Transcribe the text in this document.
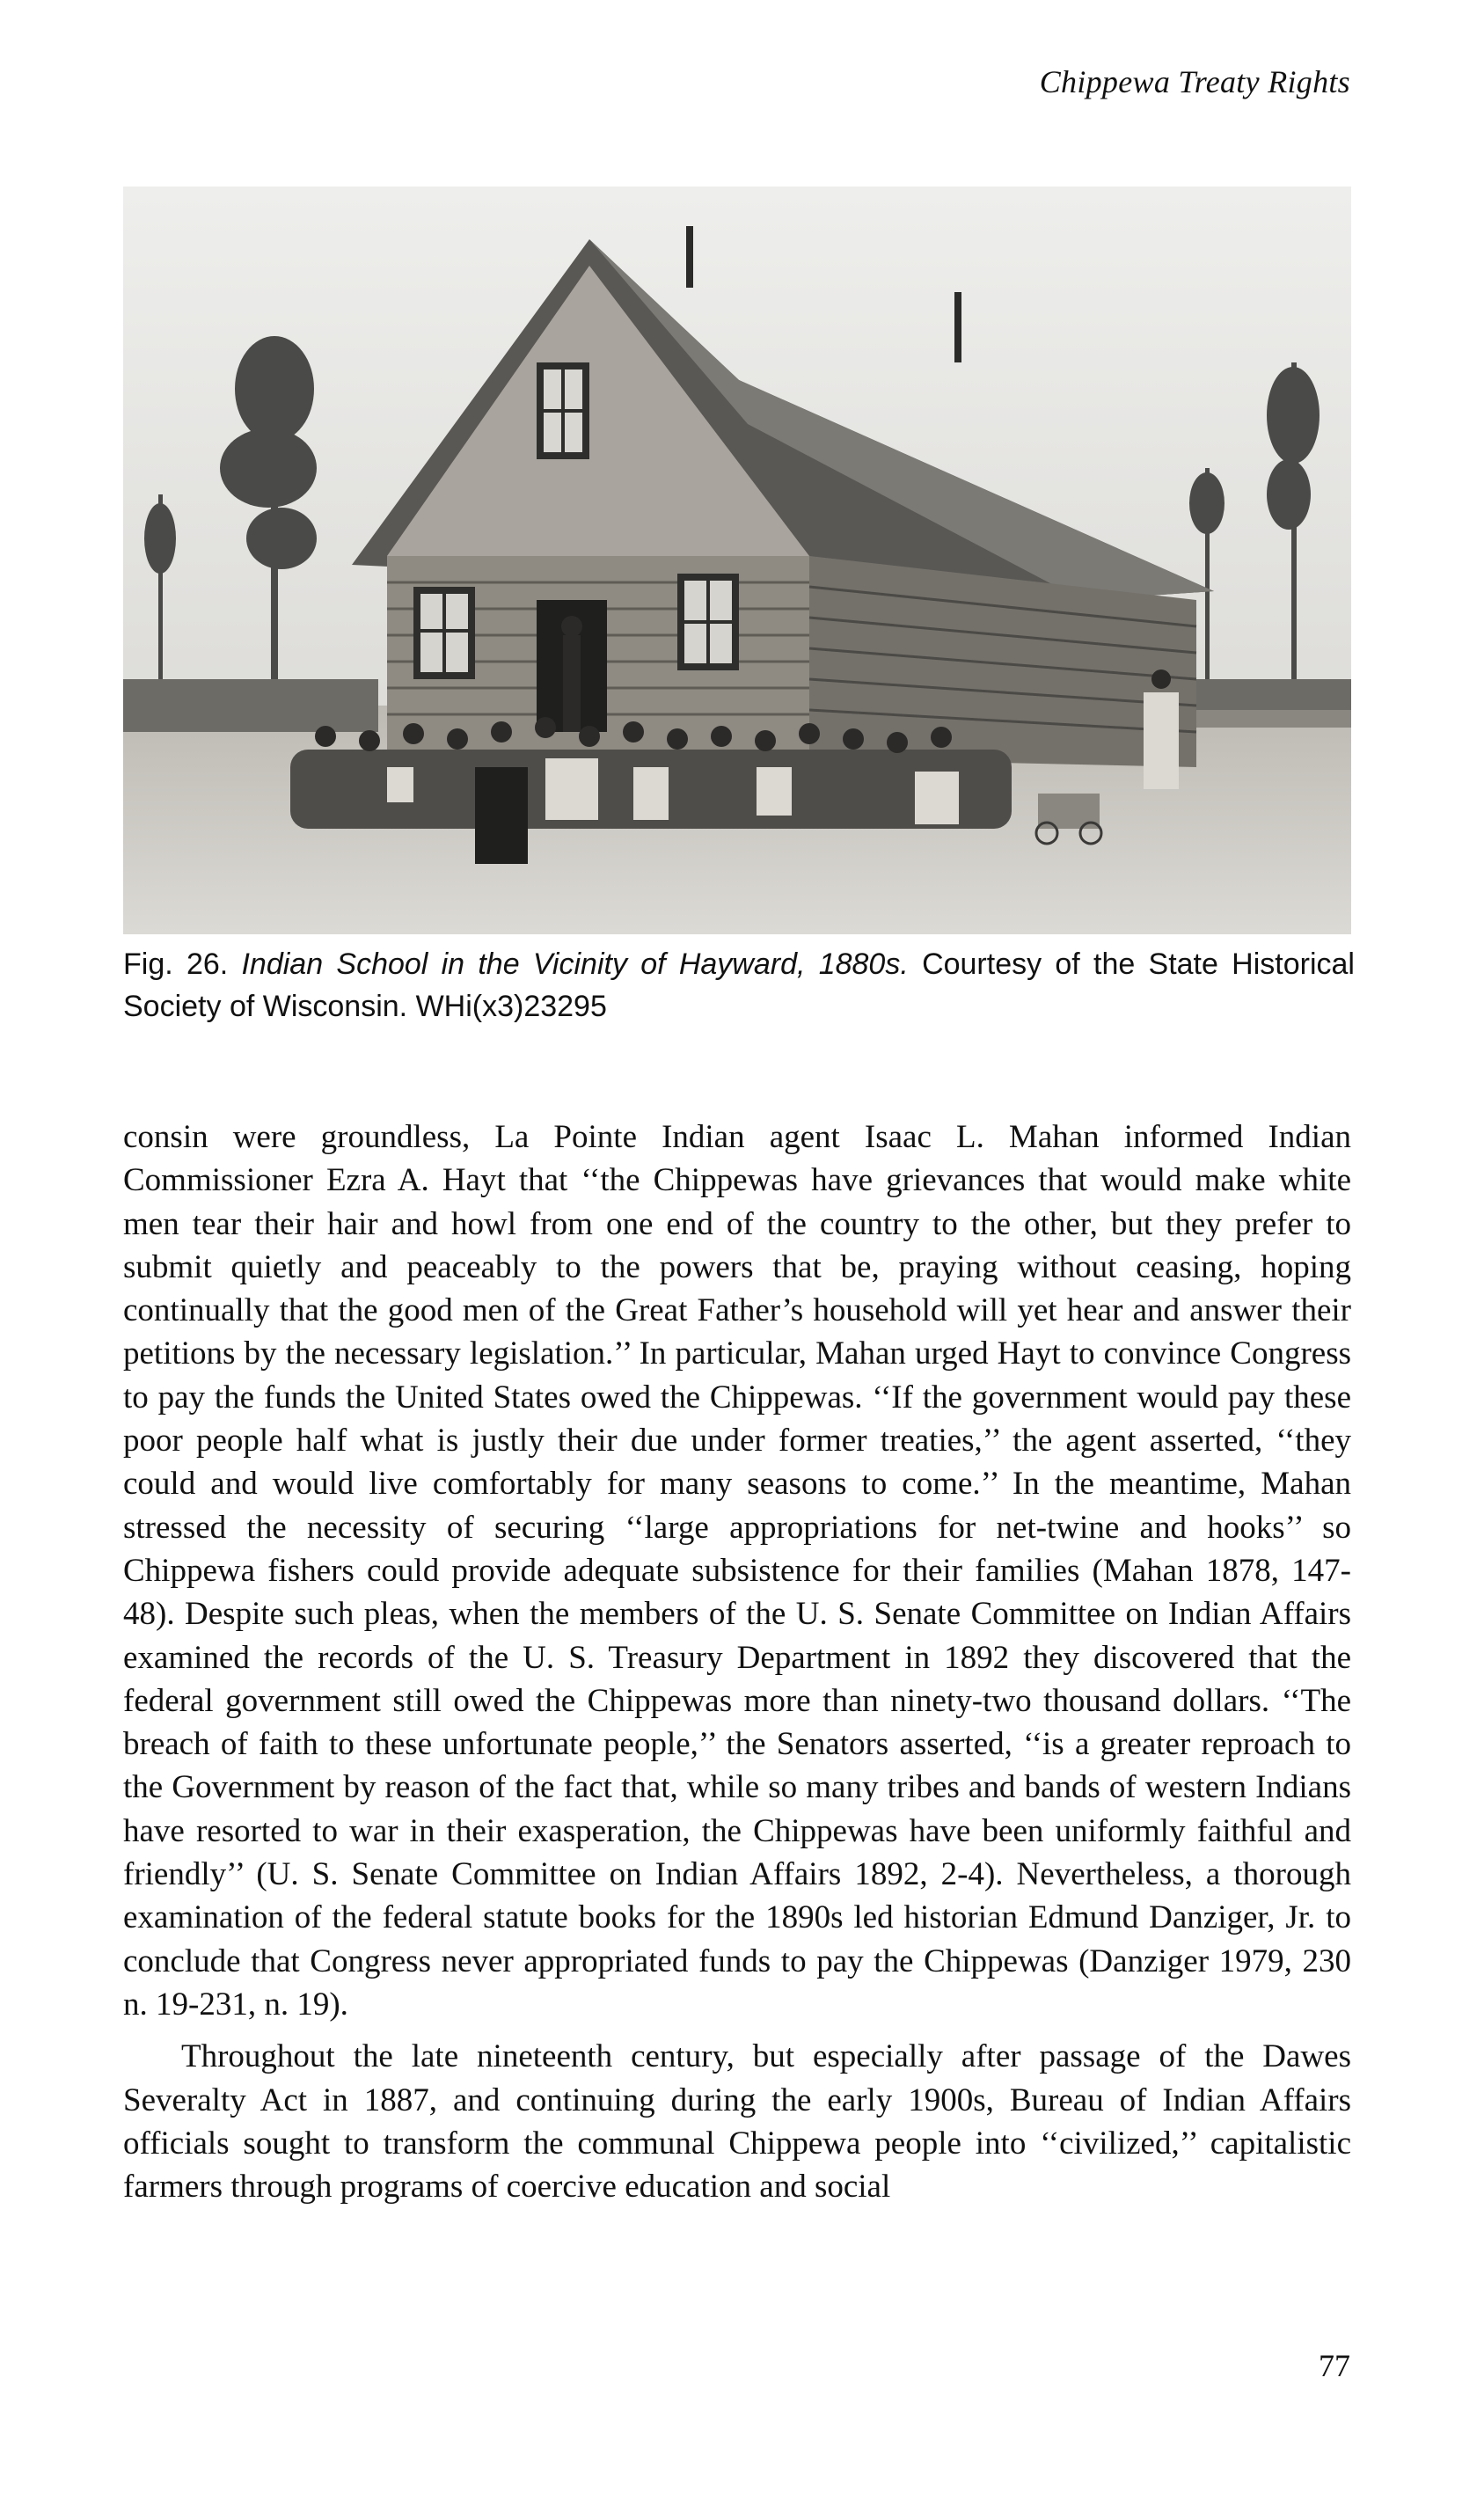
Chippewa Treaty Rights

Fig. 26. Indian School in the Vicinity of Hayward, 1880s. Courtesy of the State Historical Society of Wisconsin. WHi(x3)23295

consin were groundless, La Pointe Indian agent Isaac L. Mahan informed Indian Commissioner Ezra A. Hayt that ‘‘the Chippewas have grievances that would make white men tear their hair and howl from one end of the country to the other, but they prefer to submit quietly and peaceably to the powers that be, praying without ceasing, hoping continually that the good men of the Great Father’s household will yet hear and answer their petitions by the necessary legislation.’’ In particular, Mahan urged Hayt to convince Congress to pay the funds the United States owed the Chippewas. ‘‘If the government would pay these poor people half what is justly their due under former treaties,’’ the agent asserted, ‘‘they could and would live comfortably for many seasons to come.’’ In the meantime, Mahan stressed the necessity of securing ‘‘large appropriations for net-twine and hooks’’ so Chippewa fishers could provide adequate subsistence for their families (Mahan 1878, 147-48). Despite such pleas, when the members of the U. S. Senate Committee on Indian Affairs examined the records of the U. S. Treasury Department in 1892 they discovered that the federal government still owed the Chippewas more than ninety-two thousand dollars. ‘‘The breach of faith to these unfortunate people,’’ the Senators asserted, ‘‘is a greater reproach to the Government by reason of the fact that, while so many tribes and bands of western Indians have resorted to war in their exasperation, the Chippewas have been uniformly faithful and friendly’’ (U. S. Senate Committee on Indian Affairs 1892, 2-4). Nevertheless, a thorough examination of the federal statute books for the 1890s led historian Edmund Danziger, Jr. to conclude that Congress never appropriated funds to pay the Chippewas (Danziger 1979, 230 n. 19-231, n. 19).

Throughout the late nineteenth century, but especially after passage of the Dawes Severalty Act in 1887, and continuing during the early 1900s, Bureau of Indian Affairs officials sought to transform the communal Chippewa people into ‘‘civilized,’’ capitalistic farmers through programs of coercive education and social

77
